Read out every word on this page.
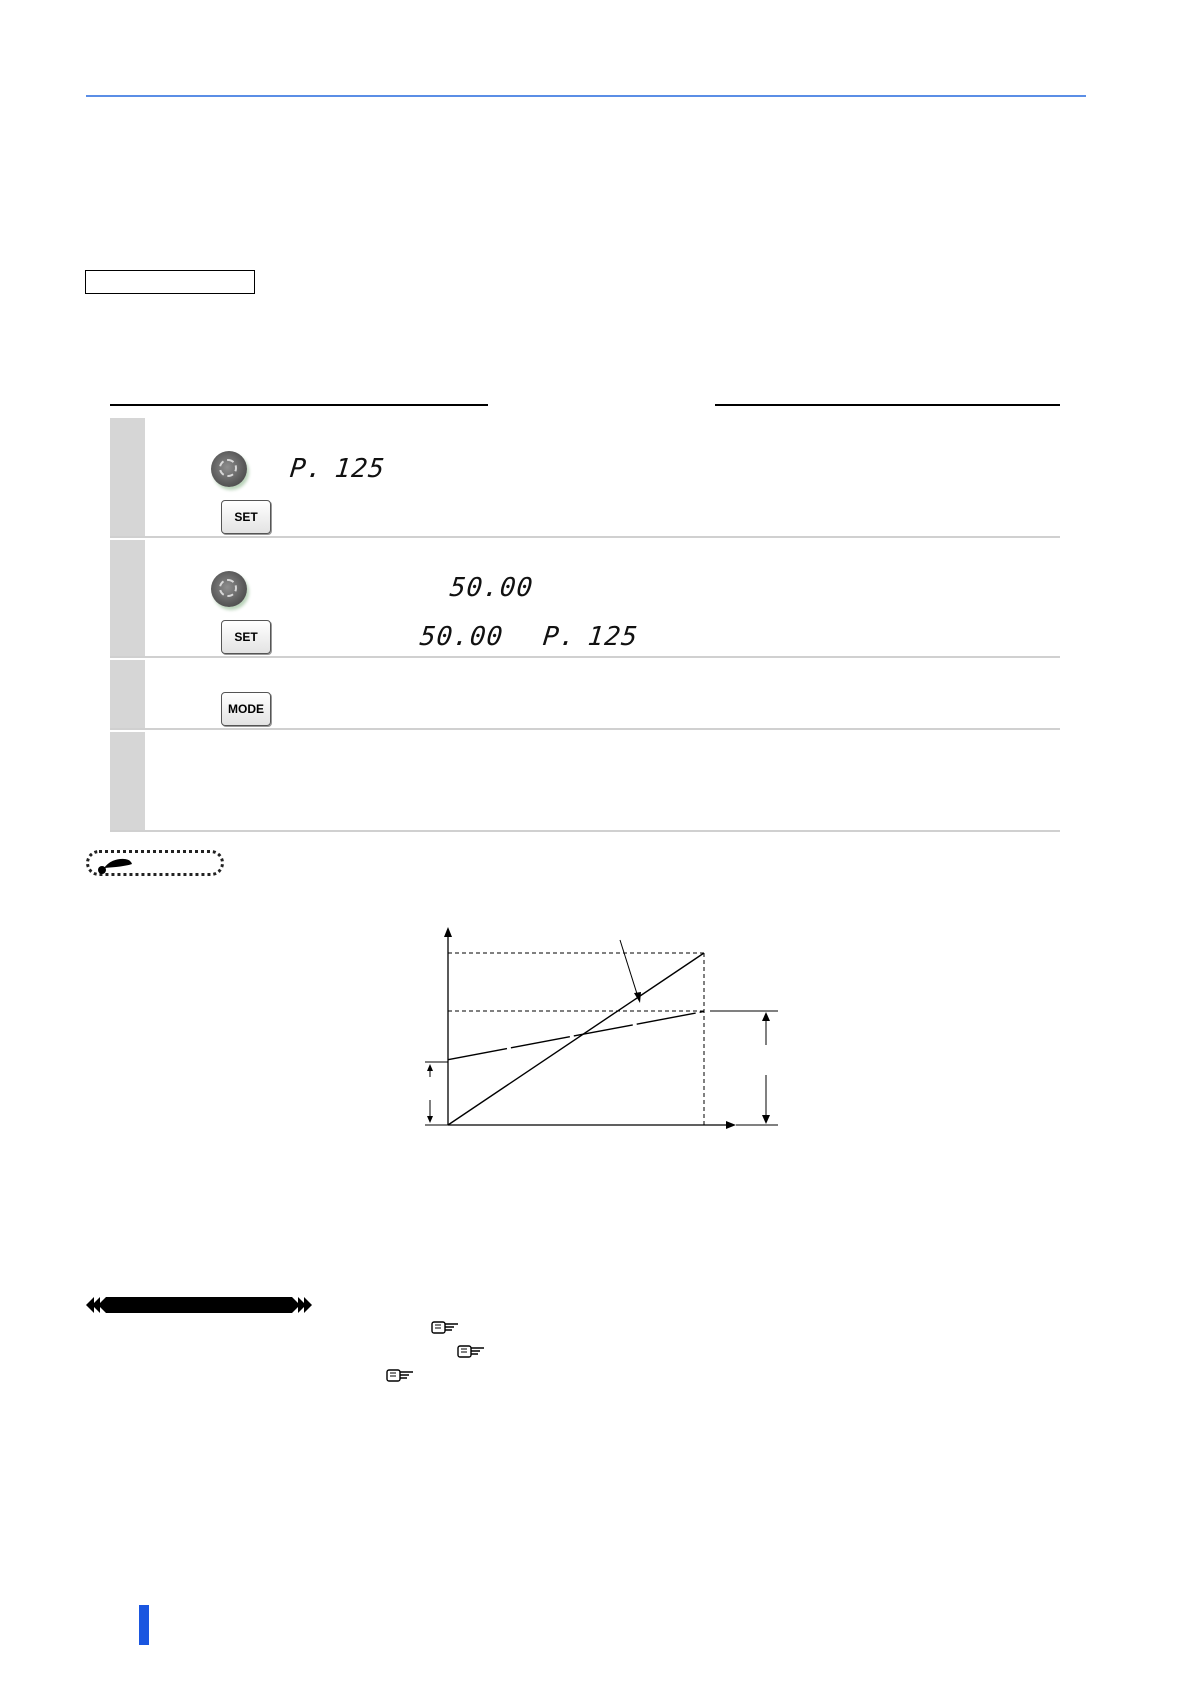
P. 125
SET
50.00
SET	50.00 P. 125
MODE
